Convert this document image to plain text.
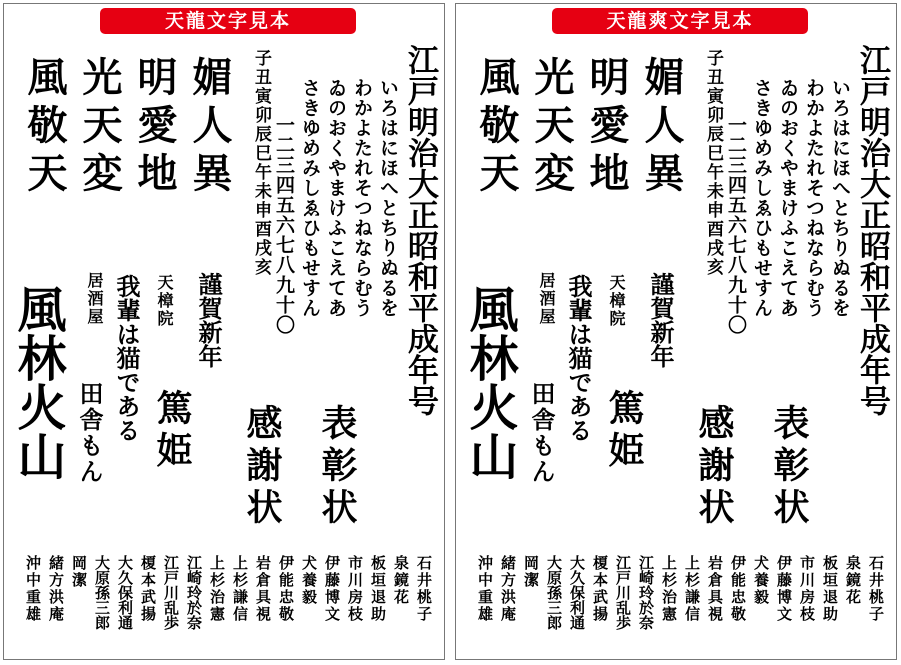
天龍文字見本
江戸明治大正昭和平成年号
いろはにほへとちりぬるを
わかよたれそつねならむう
ゐのおくやまけふこえてあ
さきゆめみしゑひもせすん
一二三四五六七八九十〇
子丑寅卯辰巳午未申酉戌亥
媚人異
明愛地
光天変
風敬天
謹賀新年
天樟院
篤姫
我輩は猫である
居酒屋
田舎もん
風林火山	表彰状
感謝状
石井桃子
泉鏡花
板垣退助
市川房枝
伊藤博文
犬養毅
伊能忠敬
岩倉具視
上杉謙信
上杉治憲
江崎玲於奈
江戸川乱歩
榎本武揚
大久保利通
大原孫三郎
岡潔
緒方洪庵
沖中重雄
天龍爽文字見本
江戸明治大正昭和平成年号
いろはにほへとちりぬるを
わかよたれそつねならむう
ゐのおくやまけふこえてあ
さきゆめみしゑひもせすん
一二三四五六七八九十〇
子丑寅卯辰巳午未申酉戌亥
媚人異
明愛地
光天変
風敬天
謹賀新年
天樟院
篤姫
我輩は猫である
居酒屋
田舎もん
風林火山	表彰状
感謝状
石井桃子
泉鏡花
板垣退助
市川房枝
伊藤博文
犬養毅
伊能忠敬
岩倉具視
上杉謙信
上杉治憲
江崎玲於奈
江戸川乱歩
榎本武揚
大久保利通
大原孫三郎
岡潔
緒方洪庵
沖中重雄
